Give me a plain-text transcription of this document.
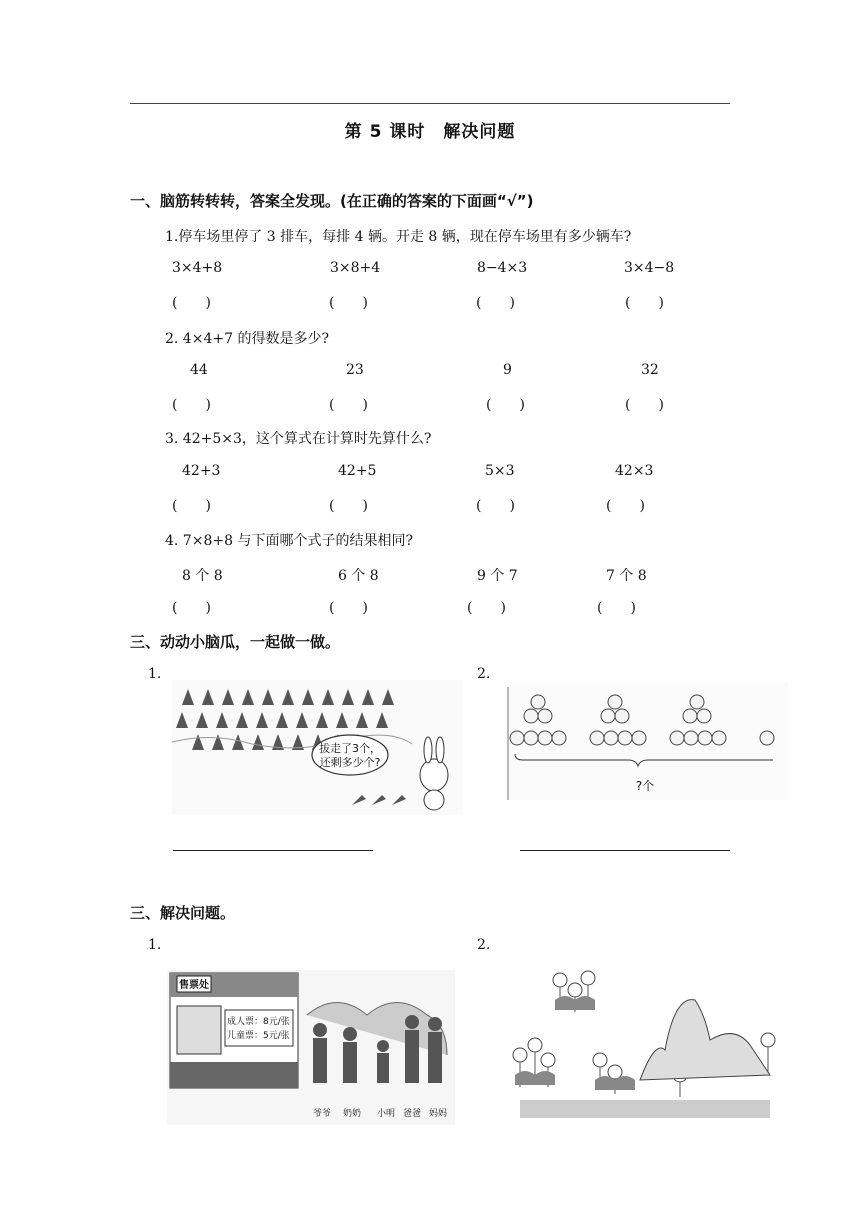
第 5 课时　解决问题
一、脑筋转转转，答案全发现。(在正确的答案的下面画“√”)
1.停车场里停了 3 排车，每排 4 辆。开走 8 辆，现在停车场里有多少辆车?
3×4+8	3×8+4	8−4×3	3×4−8
(　　)	(　　)	(　　)	(　　)
2. 4×4+7 的得数是多少?
44	23	9	32
(　　)	(　　)	(　　)	(　　)
3. 42+5×3，这个算式在计算时先算什么?
42+3	42+5	5×3	42×3
(　　)	(　　)	(　　)	(　　)
4. 7×8+8 与下面哪个式子的结果相同?
8 个 8	6 个 8	9 个 7	7 个 8
(　　)	(　　)	(　　)	(　　)
三、动动小脑瓜，一起做一做。
1.	2.
拔走了3个，
还剩多少个?
?个
三、解决问题。
1.	2.
售票处
成人票：8元/张
儿童票：5元/张
爷爷 奶奶 小明 爸爸 妈妈
